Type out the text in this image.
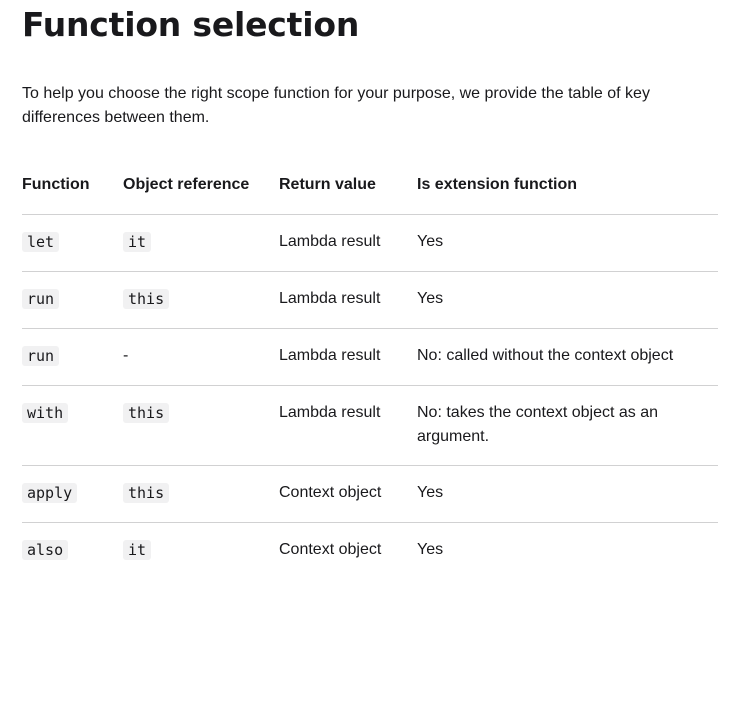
Function selection

To help you choose the right scope function for your purpose, we provide the table of key differences between them.

Function	Object reference	Return value	Is extension function
let	it	Lambda result	Yes
run	this	Lambda result	Yes
run	-	Lambda result	No: called without the context object
with	this	Lambda result	No: takes the context object as an argument.
apply	this	Context object	Yes
also	it	Context object	Yes
